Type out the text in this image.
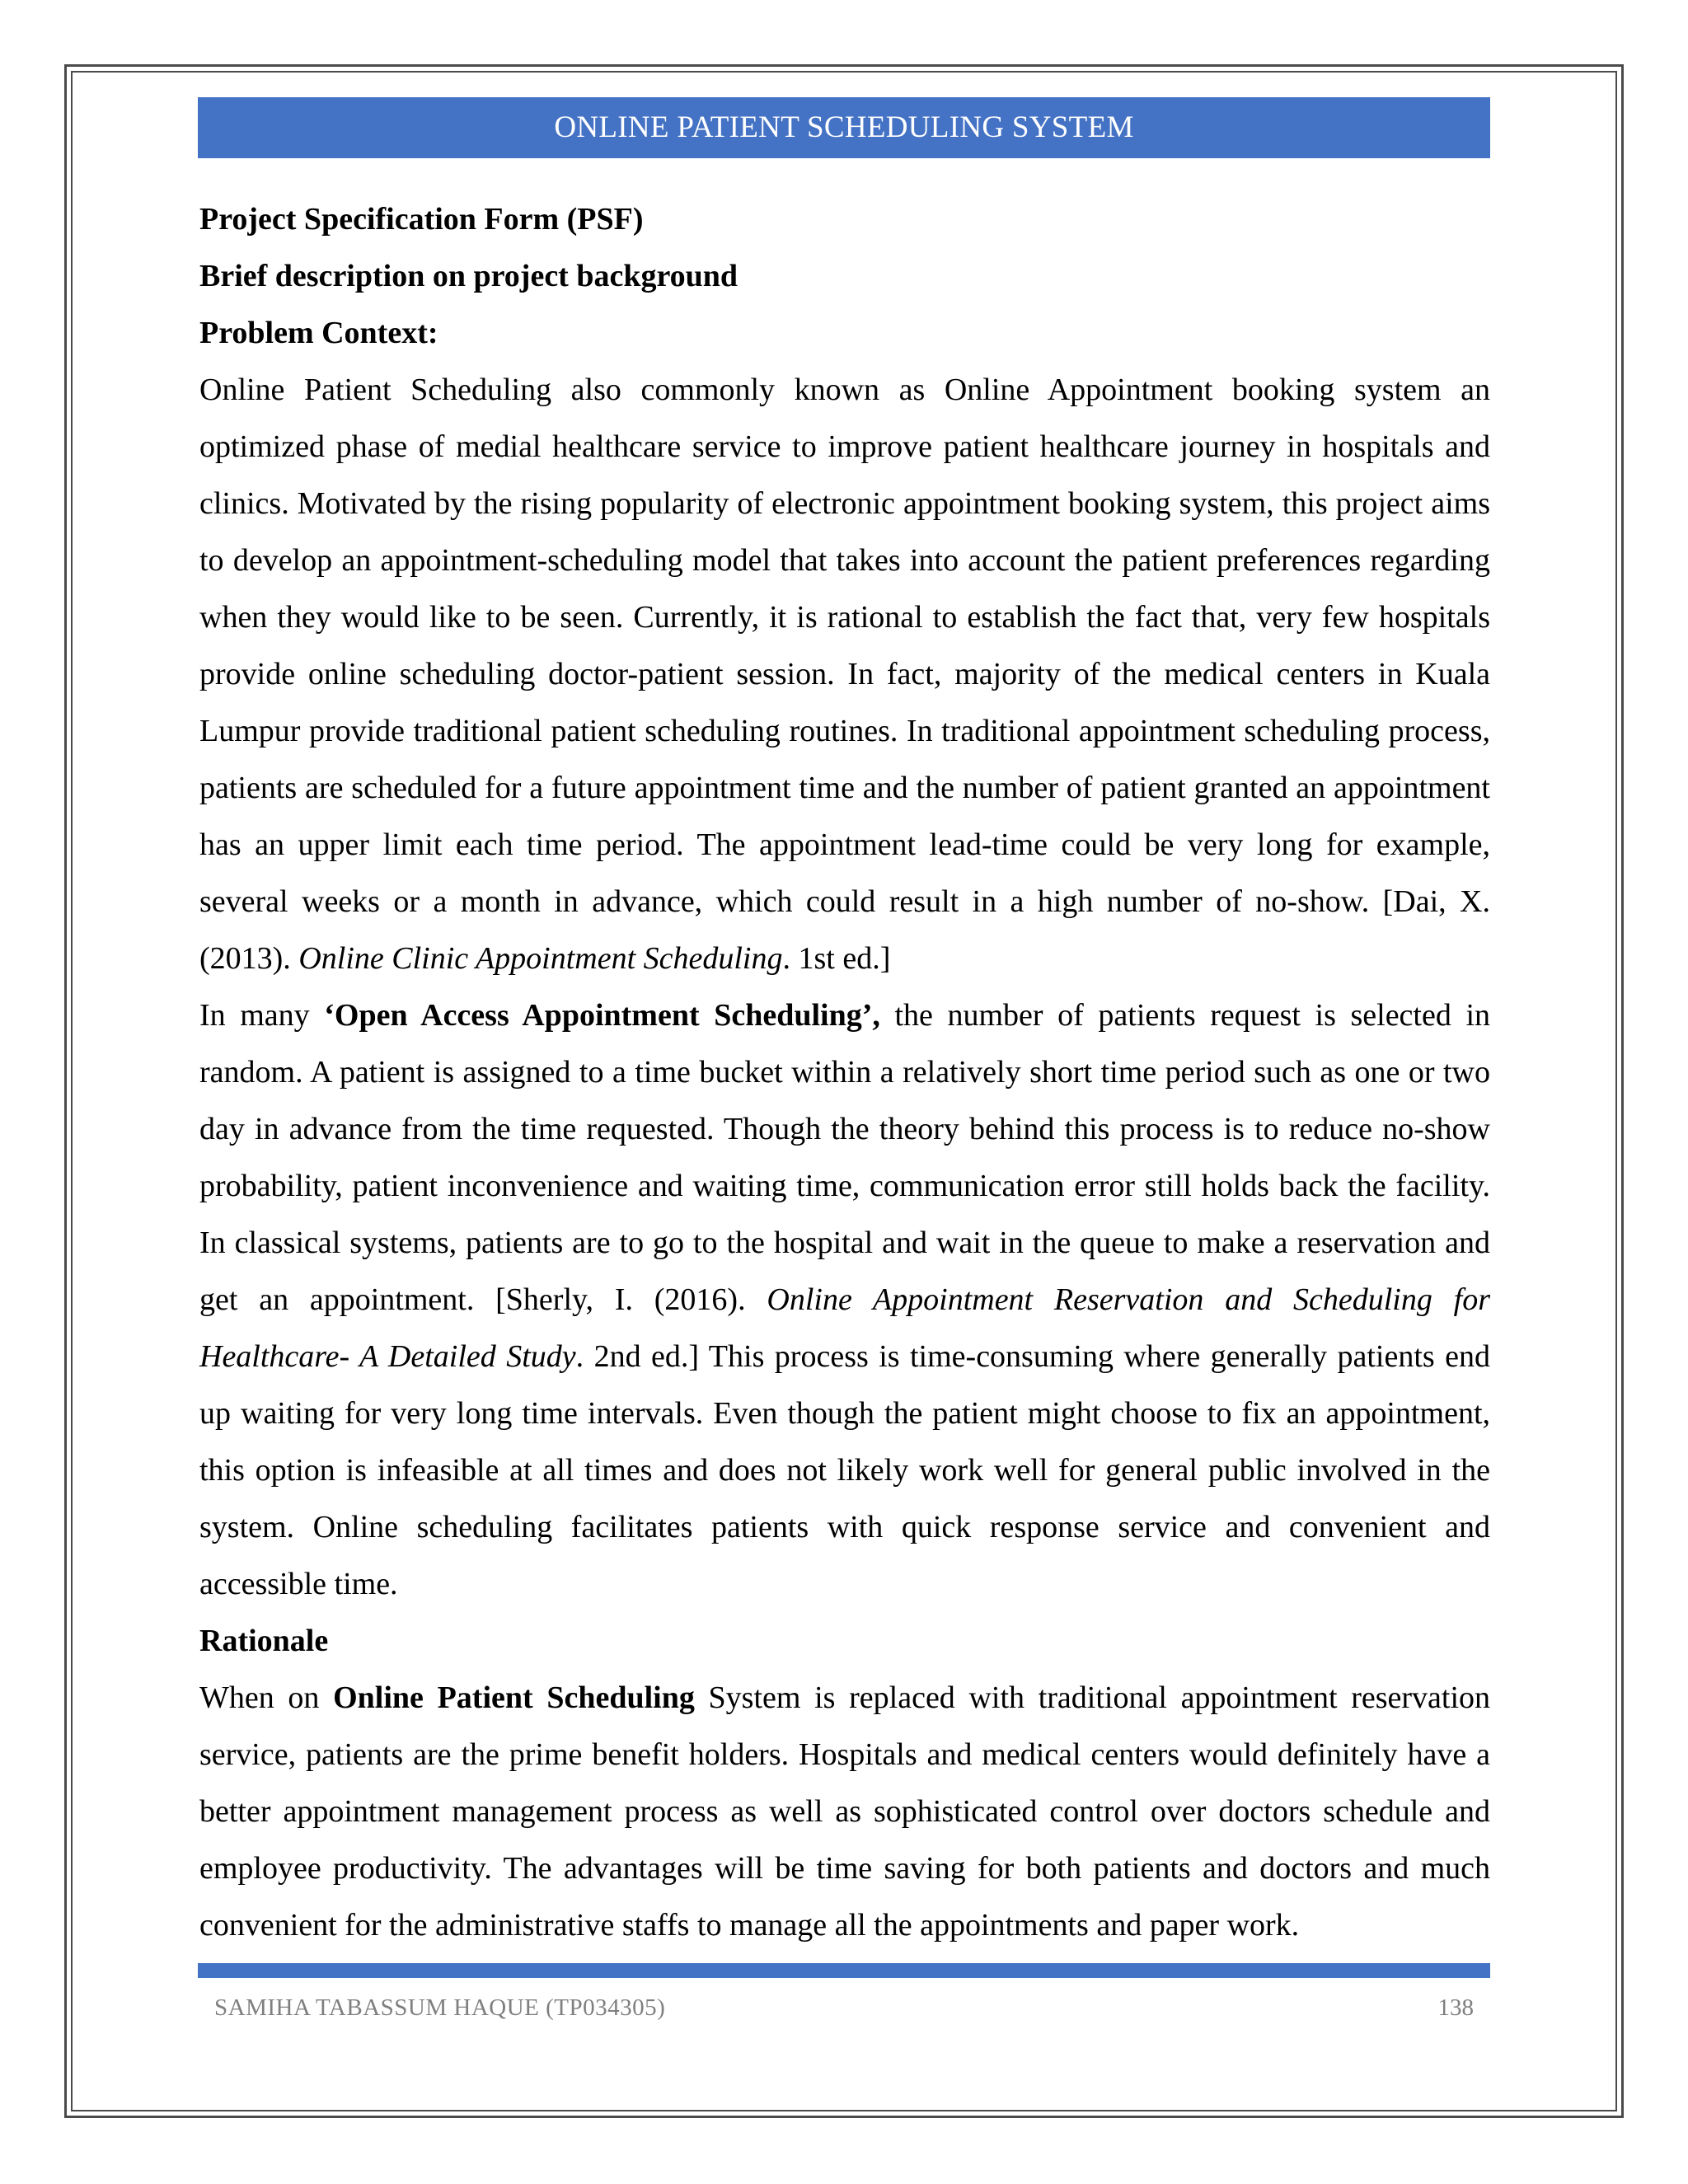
ONLINE PATIENT SCHEDULING SYSTEM

Project Specification Form (PSF)

Brief description on project background

Problem Context:

Online Patient Scheduling also commonly known as Online Appointment booking system an optimized phase of medial healthcare service to improve patient healthcare journey in hospitals and clinics. Motivated by the rising popularity of electronic appointment booking system, this project aims to develop an appointment-scheduling model that takes into account the patient preferences regarding when they would like to be seen. Currently, it is rational to establish the fact that, very few hospitals provide online scheduling doctor-patient session. In fact, majority of the medical centers in Kuala Lumpur provide traditional patient scheduling routines. In traditional appointment scheduling process, patients are scheduled for a future appointment time and the number of patient granted an appointment has an upper limit each time period. The appointment lead-time could be very long for example, several weeks or a month in advance, which could result in a high number of no-show. [Dai, X. (2013). Online Clinic Appointment Scheduling. 1st ed.]

In many ‘Open Access Appointment Scheduling’, the number of patients request is selected in random. A patient is assigned to a time bucket within a relatively short time period such as one or two day in advance from the time requested. Though the theory behind this process is to reduce no-show probability, patient inconvenience and waiting time, communication error still holds back the facility. In classical systems, patients are to go to the hospital and wait in the queue to make a reservation and get an appointment. [Sherly, I. (2016). Online Appointment Reservation and Scheduling for Healthcare- A Detailed Study. 2nd ed.] This process is time-consuming where generally patients end up waiting for very long time intervals. Even though the patient might choose to fix an appointment, this option is infeasible at all times and does not likely work well for general public involved in the system. Online scheduling facilitates patients with quick response service and convenient and accessible time.

Rationale

When on Online Patient Scheduling System is replaced with traditional appointment reservation service, patients are the prime benefit holders. Hospitals and medical centers would definitely have a better appointment management process as well as sophisticated control over doctors schedule and employee productivity. The advantages will be time saving for both patients and doctors and much convenient for the administrative staffs to manage all the appointments and paper work.

SAMIHA TABASSUM HAQUE (TP034305)	138
